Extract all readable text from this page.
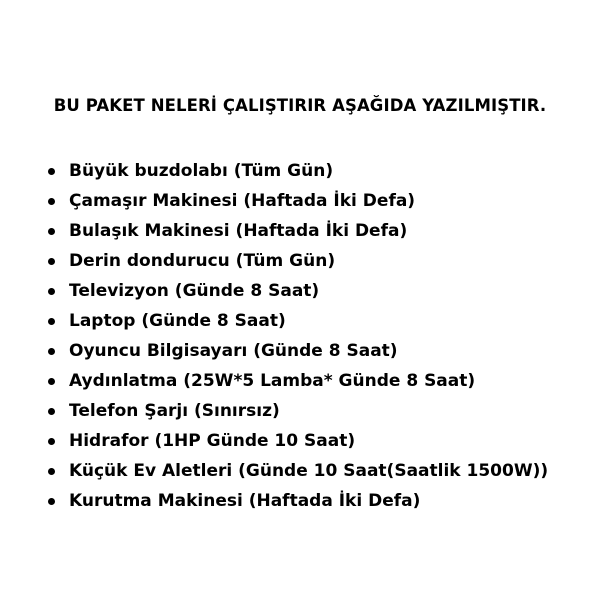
BU PAKET NELERİ ÇALIŞTIRIR AŞAĞIDA YAZILMIŞTIR.
Büyük buzdolabı (Tüm Gün)
Çamaşır Makinesi (Haftada İki Defa)
Bulaşık Makinesi (Haftada İki Defa)
Derin dondurucu (Tüm Gün)
Televizyon (Günde 8 Saat)
Laptop (Günde 8 Saat)
Oyuncu Bilgisayarı (Günde 8 Saat)
Aydınlatma (25W*5 Lamba* Günde 8 Saat)
Telefon Şarjı (Sınırsız)
Hidrafor (1HP Günde 10 Saat)
Küçük Ev Aletleri (Günde 10 Saat(Saatlik 1500W))
Kurutma Makinesi (Haftada İki Defa)
